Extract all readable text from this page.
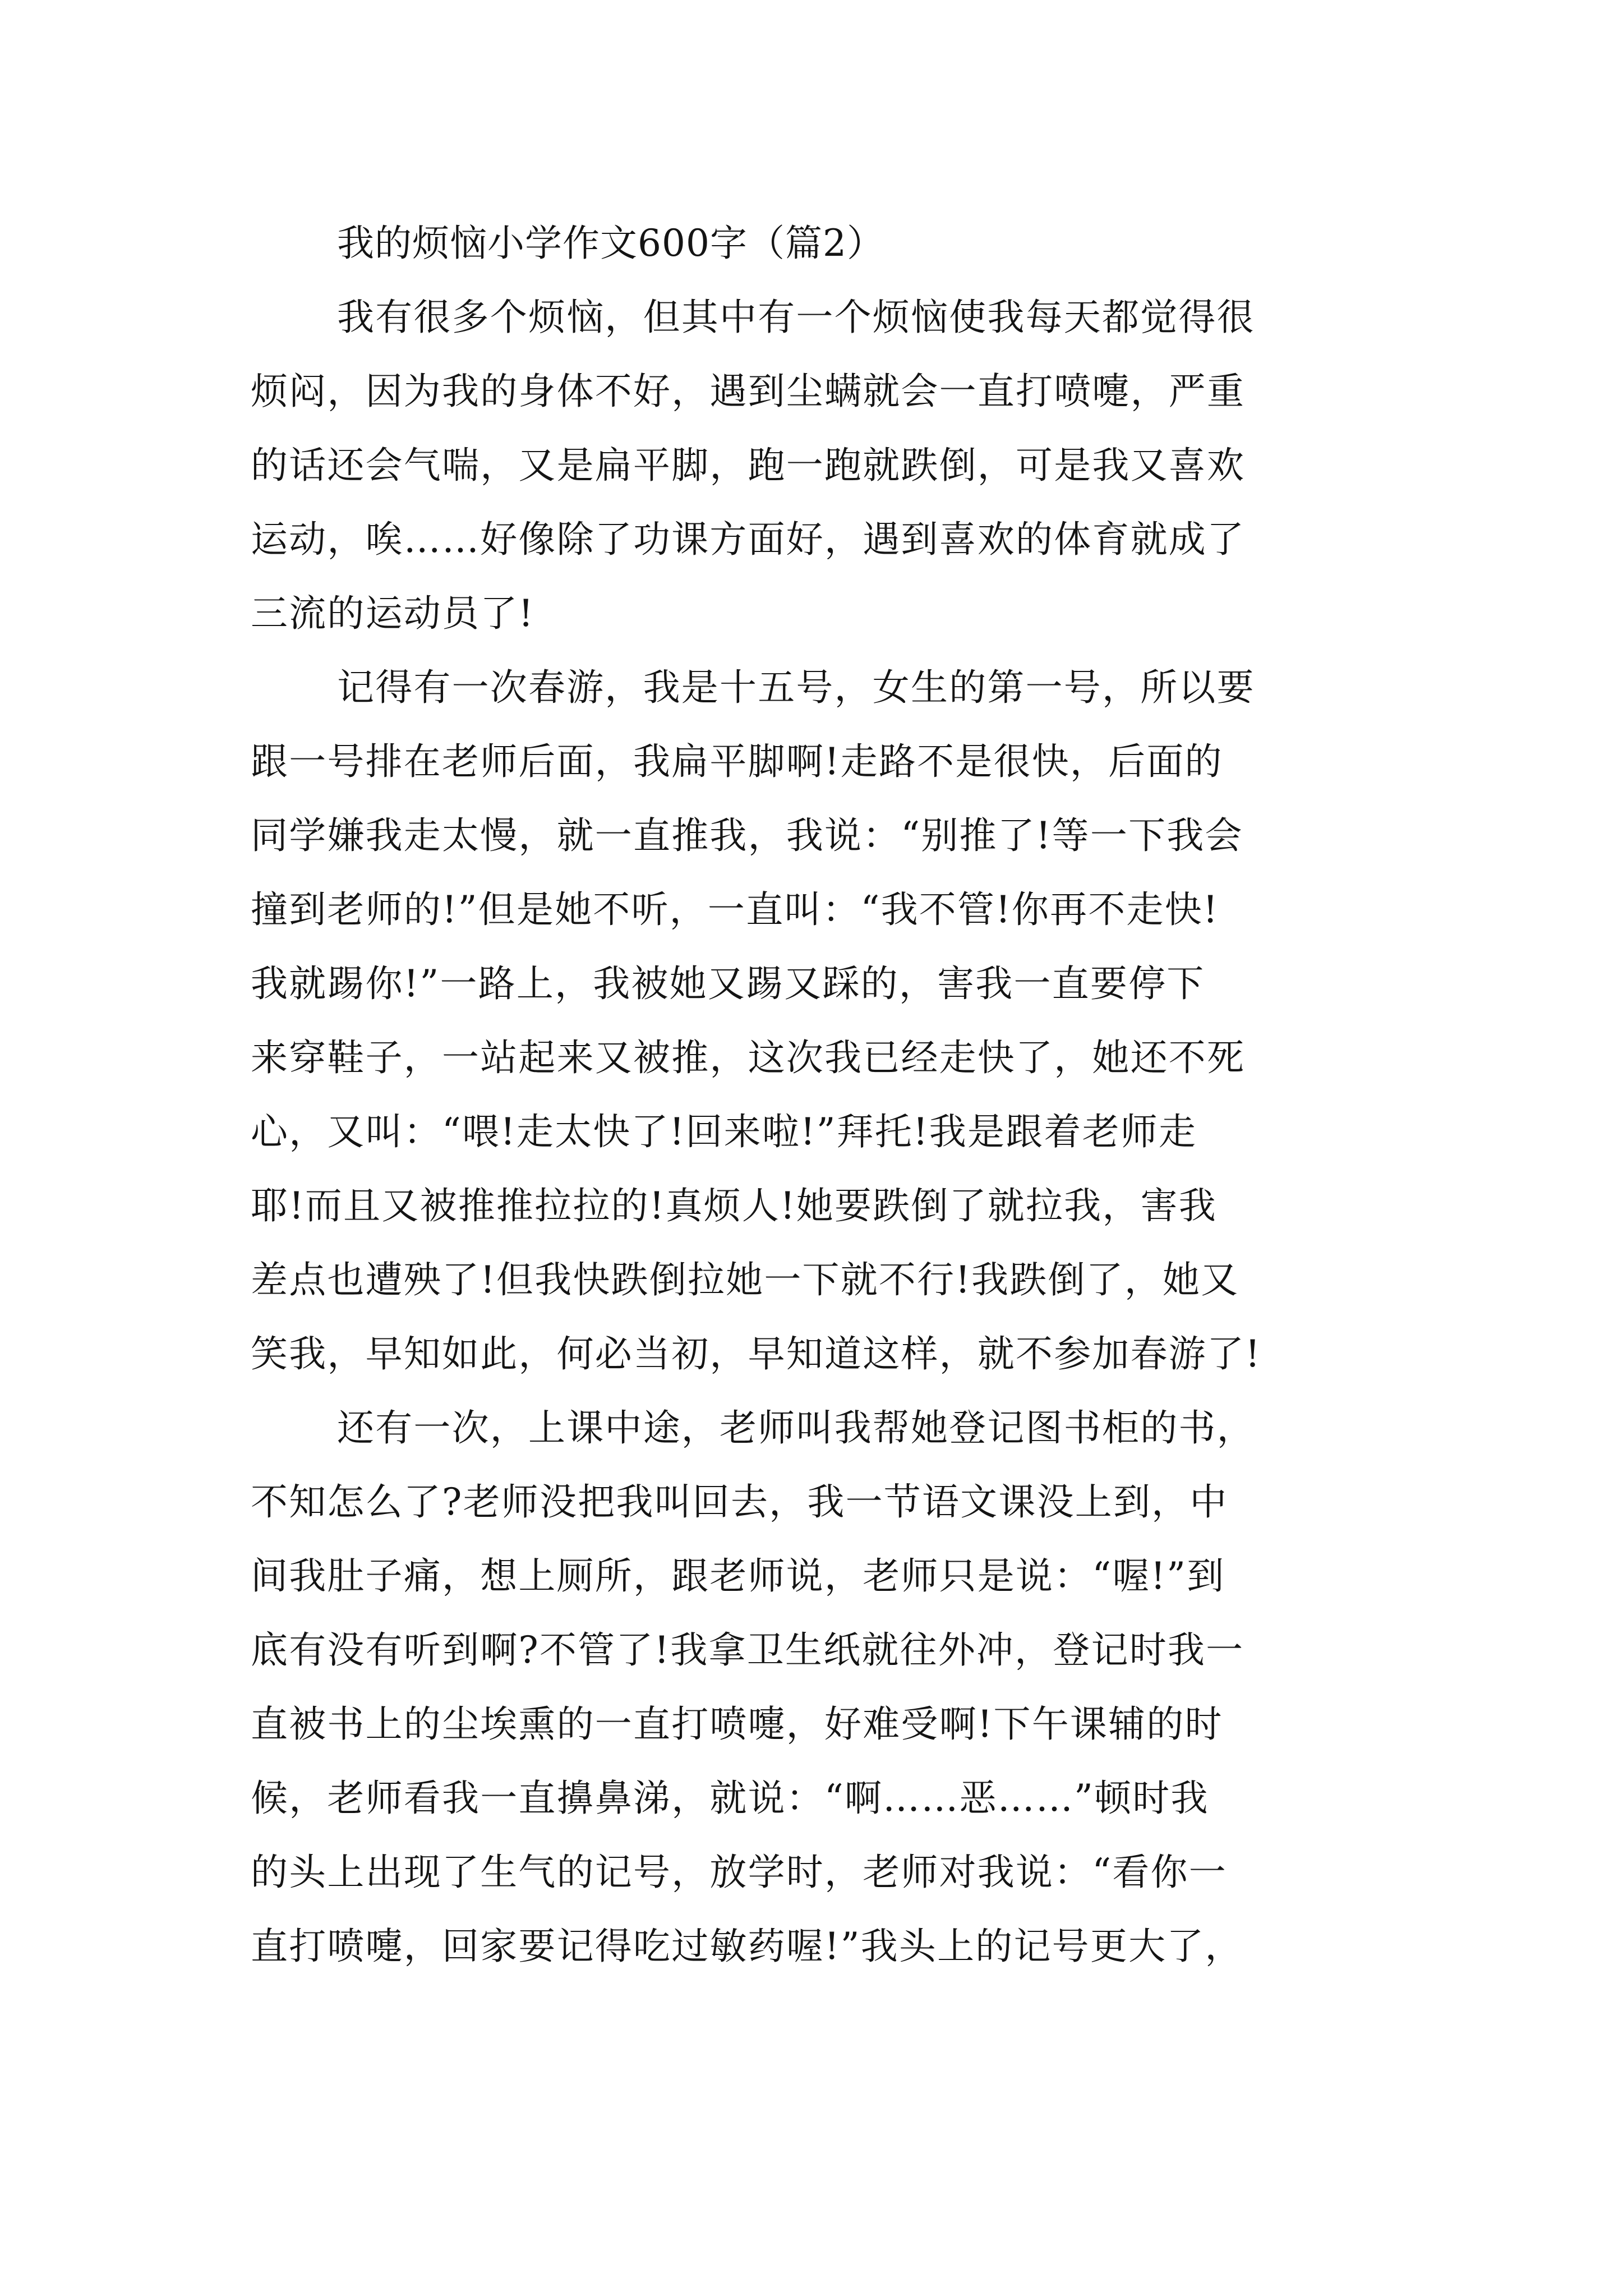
我的烦恼小学作文600字（篇2）
我有很多个烦恼，但其中有一个烦恼使我每天都觉得很
烦闷，因为我的身体不好，遇到尘螨就会一直打喷嚏，严重
的话还会气喘，又是扁平脚，跑一跑就跌倒，可是我又喜欢
运动，唉……好像除了功课方面好，遇到喜欢的体育就成了
三流的运动员了!
记得有一次春游，我是十五号，女生的第一号，所以要
跟一号排在老师后面，我扁平脚啊!走路不是很快，后面的
同学嫌我走太慢，就一直推我，我说：“别推了!等一下我会
撞到老师的!”但是她不听，一直叫：“我不管!你再不走快!
我就踢你!”一路上，我被她又踢又踩的，害我一直要停下
来穿鞋子，一站起来又被推，这次我已经走快了，她还不死
心，又叫：“喂!走太快了!回来啦!”拜托!我是跟着老师走
耶!而且又被推推拉拉的!真烦人!她要跌倒了就拉我，害我
差点也遭殃了!但我快跌倒拉她一下就不行!我跌倒了，她又
笑我，早知如此，何必当初，早知道这样，就不参加春游了!
还有一次，上课中途，老师叫我帮她登记图书柜的书，
不知怎么了?老师没把我叫回去，我一节语文课没上到，中
间我肚子痛，想上厕所，跟老师说，老师只是说：“喔!”到
底有没有听到啊?不管了!我拿卫生纸就往外冲，登记时我一
直被书上的尘埃熏的一直打喷嚏，好难受啊!下午课辅的时
候，老师看我一直擤鼻涕，就说：“啊……恶……”顿时我
的头上出现了生气的记号，放学时，老师对我说：“看你一
直打喷嚏，回家要记得吃过敏药喔!”我头上的记号更大了，
